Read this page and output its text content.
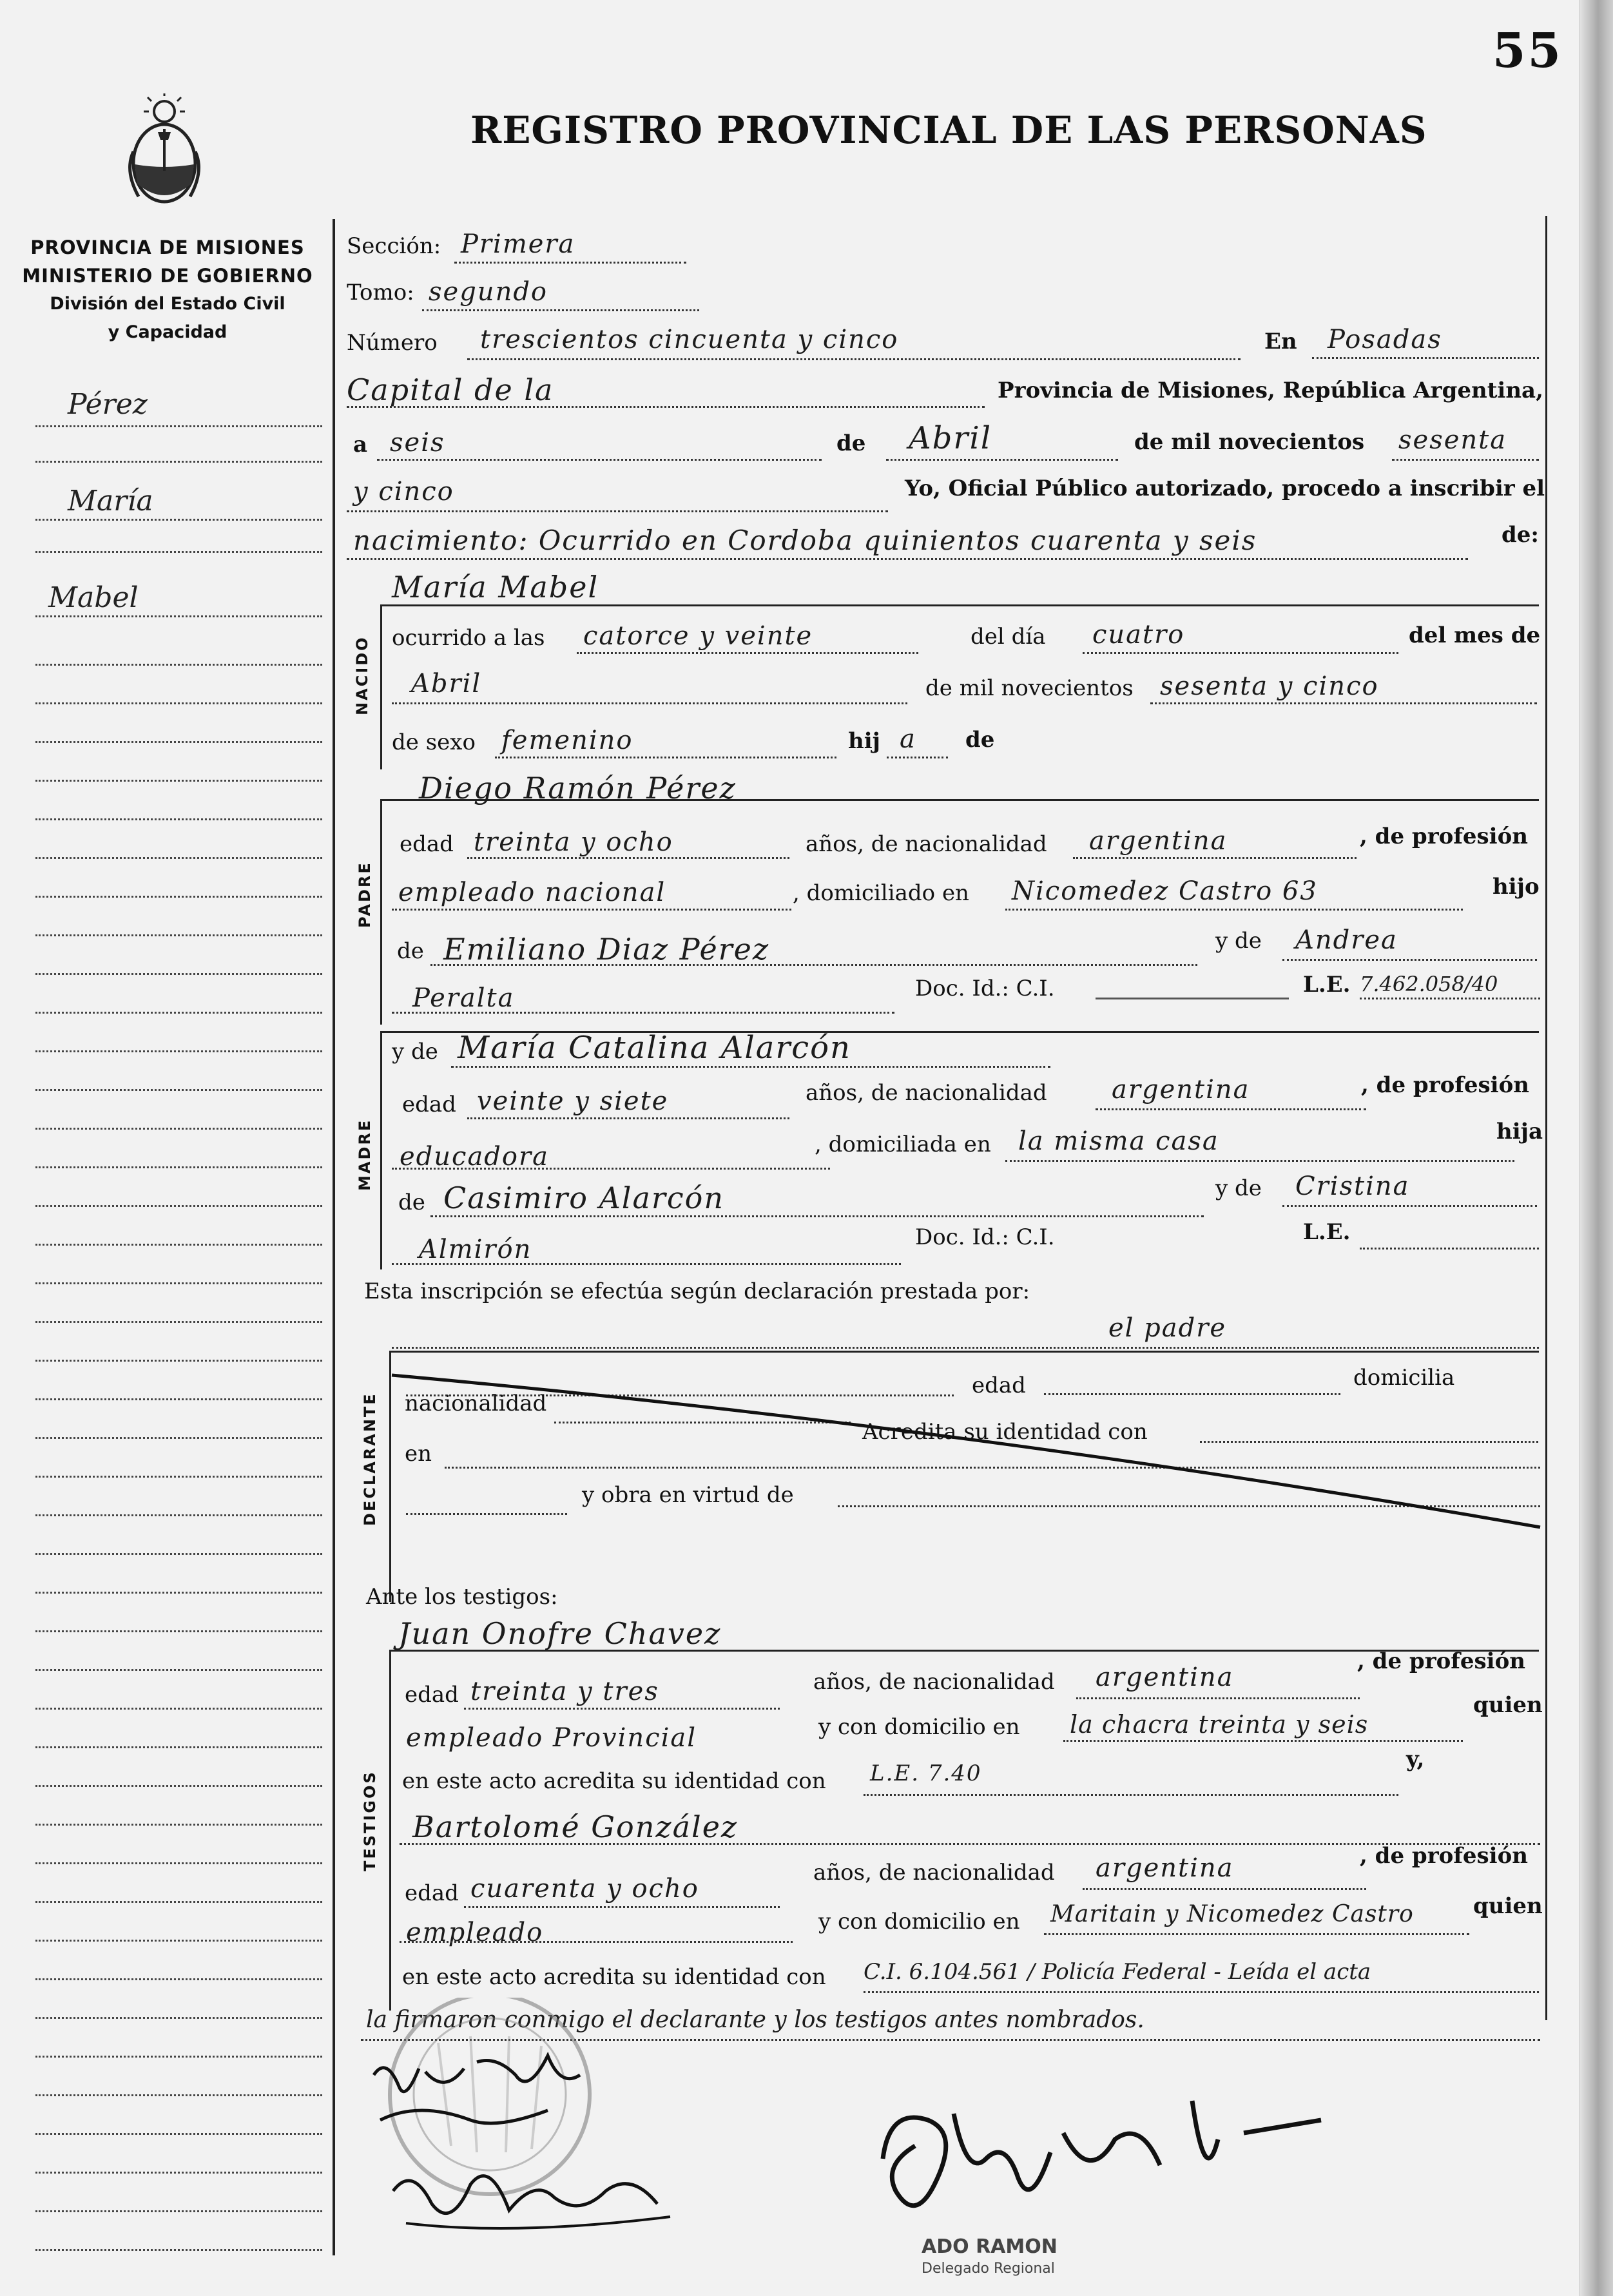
55
REGISTRO PROVINCIAL DE LAS PERSONAS
PROVINCIA DE MISIONES
MINISTERIO DE GOBIERNO
División del Estado Civil
y Capacidad
Pérez
María
Mabel
Sección: Primera
Tomo: segundo
Número trescientos cincuenta y cinco	En Posadas
Capital de la	Provincia de Misiones, República Argentina,
a seis	de Abril	de mil novecientos sesenta
y cinco	Yo, Oficial Público autorizado, procedo a inscribir el
nacimiento: Ocurrido en Cordoba quinientos cuarenta y seis	de:
NACIDO
María Mabel
ocurrido a las catorce y veinte	del día cuatro	del mes de
Abril	de mil novecientos sesenta y cinco
de sexo femenino	hij a de
PADRE
Diego Ramón Pérez
edad treinta y ocho	años, de nacionalidad argentina	, de profesión
empleado nacional	, domiciliado en Nicomedez Castro 63	hijo
de Emiliano Diaz Pérez	y de Andrea
Peralta	Doc. Id.: C.I.	L.E. 7.462.058/40
MADRE
y de María Catalina Alarcón
edad veinte y siete	años, de nacionalidad	argentina	, de profesión
educadora	, domiciliada en la misma casa	hija
de Casimiro Alarcón	y de Cristina
Almirón	Doc. Id.: C.I.	L.E.
Esta inscripción se efectúa según declaración prestada por:
el padre
DECLARANTE
edad	domicilia
nacionalidad
Acredita su identidad con
en
y obra en virtud de
Ante los testigos:
TESTIGOS
Juan Onofre Chavez
edad treinta y tres	años, de nacionalidad argentina
, de profesión
empleado Provincial	y con domicilio en la chacra treinta y seis
quien
en este acto acredita su identidad con L.E. 7.40
y,
Bartolomé González
edad cuarenta y ocho
años, de nacionalidad argentina	, de profesión
empleado	y con domicilio en Maritain y Nicomedez Castro	quien
en este acto acredita su identidad con C.I. 6.104.561 / Policía Federal - Leída el acta
la firmaron conmigo el declarante y los testigos antes nombrados.
ADO RAMON
Delegado Regional
